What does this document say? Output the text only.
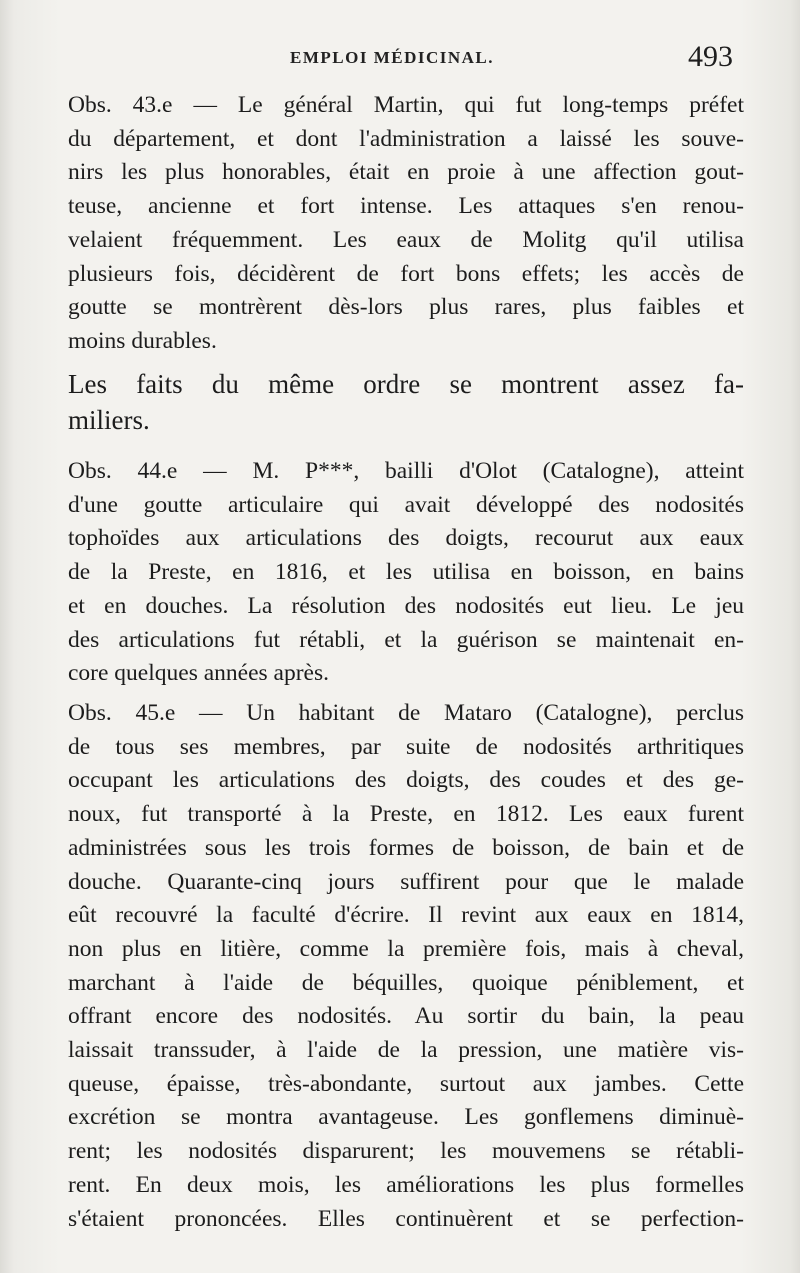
EMPLOI MÉDICINAL.	493
Obs. 43.e — Le général Martin, qui fut long-temps préfet
du département, et dont l'administration a laissé les souve-
nirs les plus honorables, était en proie à une affection gout-
teuse, ancienne et fort intense. Les attaques s'en renou-
velaient fréquemment. Les eaux de Molitg qu'il utilisa
plusieurs fois, décidèrent de fort bons effets; les accès de
goutte se montrèrent dès-lors plus rares, plus faibles et
moins durables.
Les faits du même ordre se montrent assez fa-
miliers.
Obs. 44.e — M. P***, bailli d'Olot (Catalogne), atteint
d'une goutte articulaire qui avait développé des nodosités
tophoïdes aux articulations des doigts, recourut aux eaux
de la Preste, en 1816, et les utilisa en boisson, en bains
et en douches. La résolution des nodosités eut lieu. Le jeu
des articulations fut rétabli, et la guérison se maintenait en-
core quelques années après.
Obs. 45.e — Un habitant de Mataro (Catalogne), perclus
de tous ses membres, par suite de nodosités arthritiques
occupant les articulations des doigts, des coudes et des ge-
noux, fut transporté à la Preste, en 1812. Les eaux furent
administrées sous les trois formes de boisson, de bain et de
douche. Quarante-cinq jours suffirent pour que le malade
eût recouvré la faculté d'écrire. Il revint aux eaux en 1814,
non plus en litière, comme la première fois, mais à cheval,
marchant à l'aide de béquilles, quoique péniblement, et
offrant encore des nodosités. Au sortir du bain, la peau
laissait transsuder, à l'aide de la pression, une matière vis-
queuse, épaisse, très-abondante, surtout aux jambes. Cette
excrétion se montra avantageuse. Les gonflemens diminuè-
rent; les nodosités disparurent; les mouvemens se rétabli-
rent. En deux mois, les améliorations les plus formelles
s'étaient prononcées. Elles continuèrent et se perfection-
